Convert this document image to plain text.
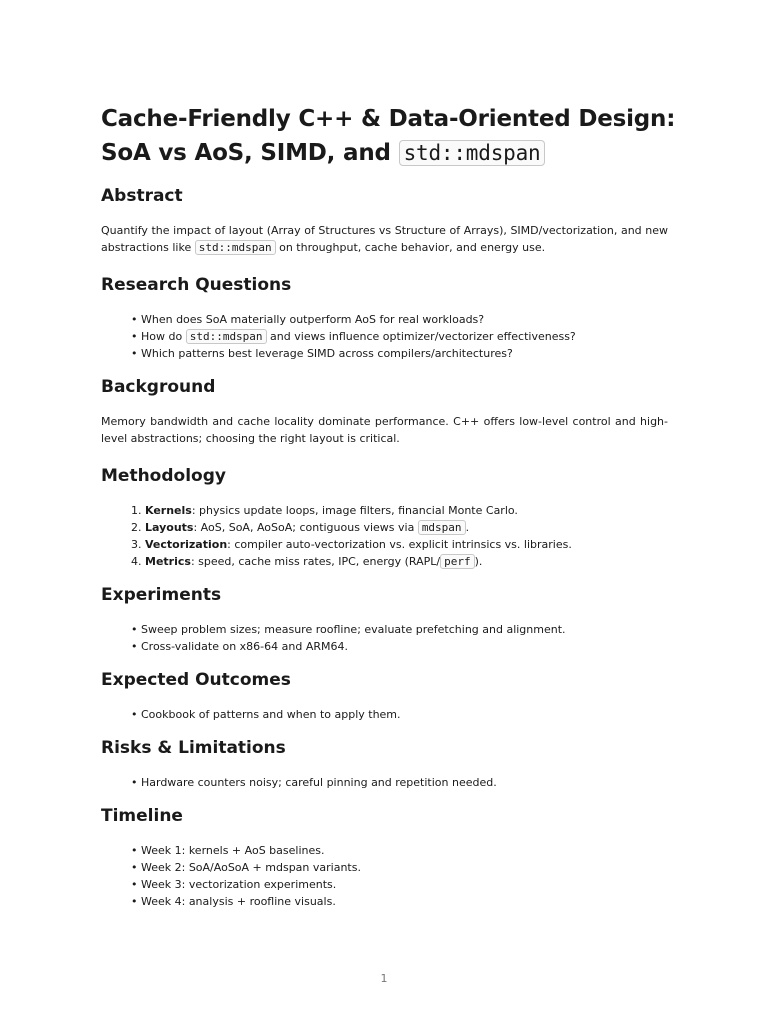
Cache-Friendly C++ & Data-Oriented Design: SoA vs AoS, SIMD, and std::mdspan
Abstract

Quantify the impact of layout (Array of Structures vs Structure of Arrays), SIMD/vectorization, and new abstractions like std::mdspan on throughput, cache behavior, and energy use.

Research Questions
• When does SoA materially outperform AoS for real workloads?
• How do std::mdspan and views influence optimizer/vectorizer effectiveness?
• Which patterns best leverage SIMD across compilers/architectures?
Background

Memory bandwidth and cache locality dominate performance. C++ offers low-level control and high-level abstractions; choosing the right layout is critical.

Methodology
1. Kernels: physics update loops, image filters, financial Monte Carlo.
2. Layouts: AoS, SoA, AoSoA; contiguous views via mdspan .
3. Vectorization: compiler auto-vectorization vs. explicit intrinsics vs. libraries.
4. Metrics: speed, cache miss rates, IPC, energy (RAPL/ perf ).
Experiments
• Sweep problem sizes; measure roofline; evaluate prefetching and alignment.
• Cross-validate on x86-64 and ARM64.
Expected Outcomes
• Cookbook of patterns and when to apply them.
Risks & Limitations
• Hardware counters noisy; careful pinning and repetition needed.
Timeline
• Week 1: kernels + AoS baselines.
• Week 2: SoA/AoSoA + mdspan variants.
• Week 3: vectorization experiments.
• Week 4: analysis + roofline visuals.
1
